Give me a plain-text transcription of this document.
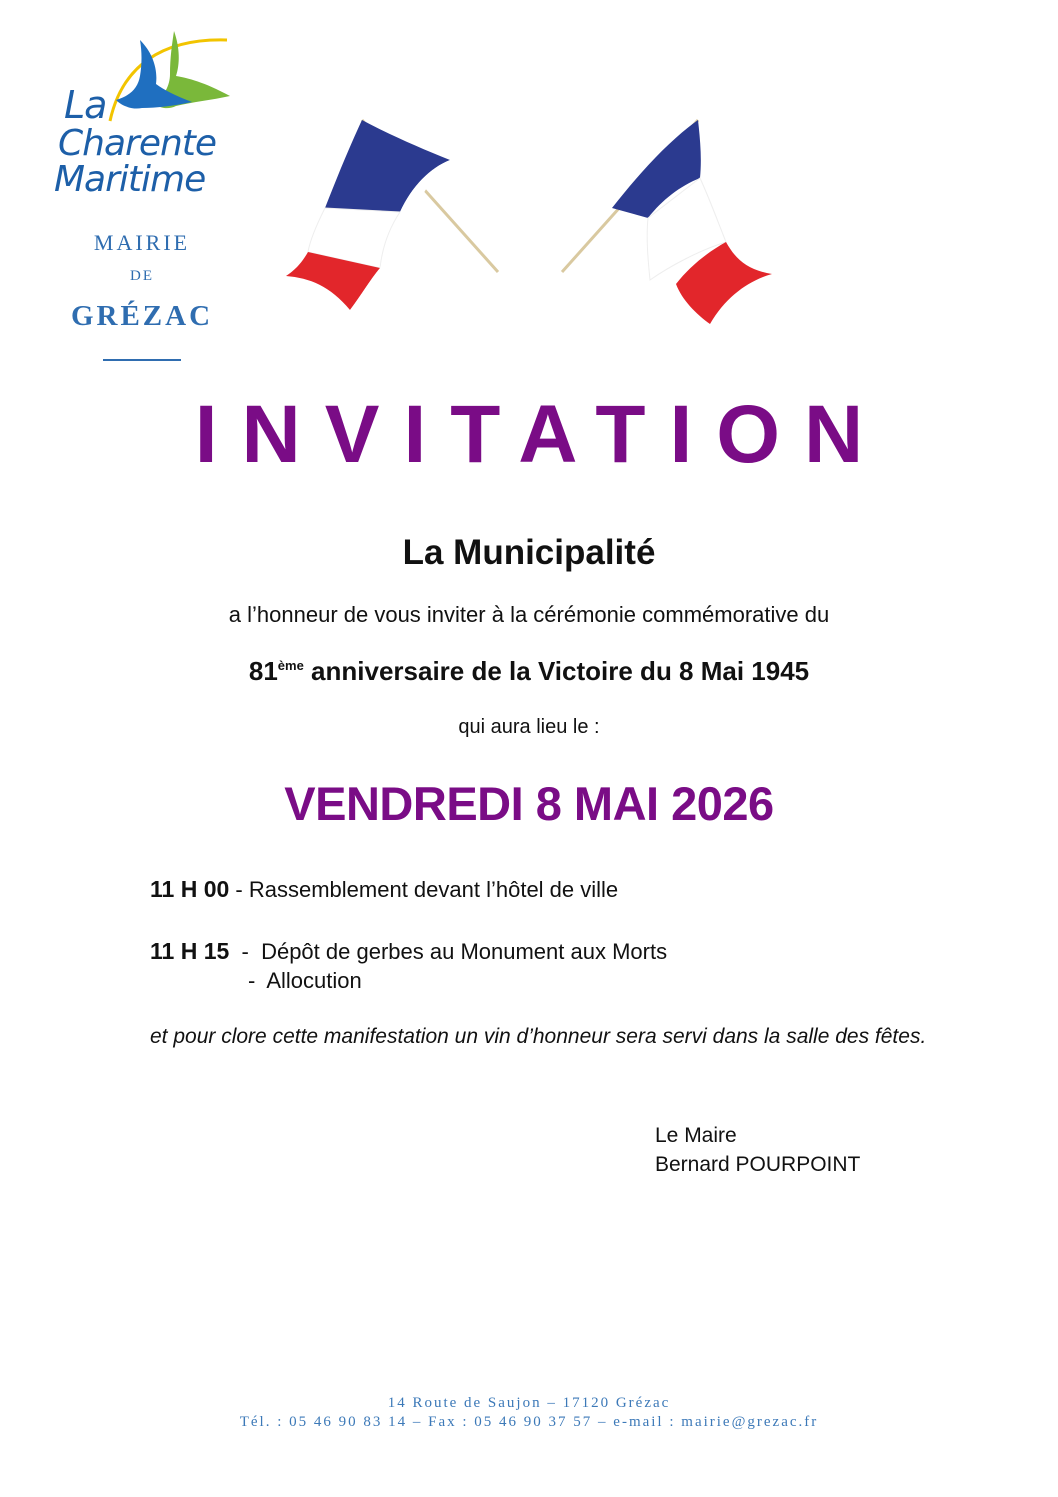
La
Charente
Maritime
MAIRIE
DE
GRÉZAC
INVITATION
La Municipalité
a l’honneur de vous inviter à la cérémonie commémorative du
81ème anniversaire de la Victoire du 8 Mai 1945
qui aura lieu le :
VENDREDI 8 MAI 2026
11 H 00 - Rassemblement devant l’hôtel de ville
11 H 15  -  Dépôt de gerbes au Monument aux Morts
-  Allocution
et pour clore cette manifestation un vin d’honneur sera servi dans la salle des fêtes.
Le Maire
Bernard POURPOINT
14 Route de Saujon – 17120 Grézac
Tél. : 05 46 90 83 14 – Fax : 05 46 90 37 57 – e-mail : mairie@grezac.fr
